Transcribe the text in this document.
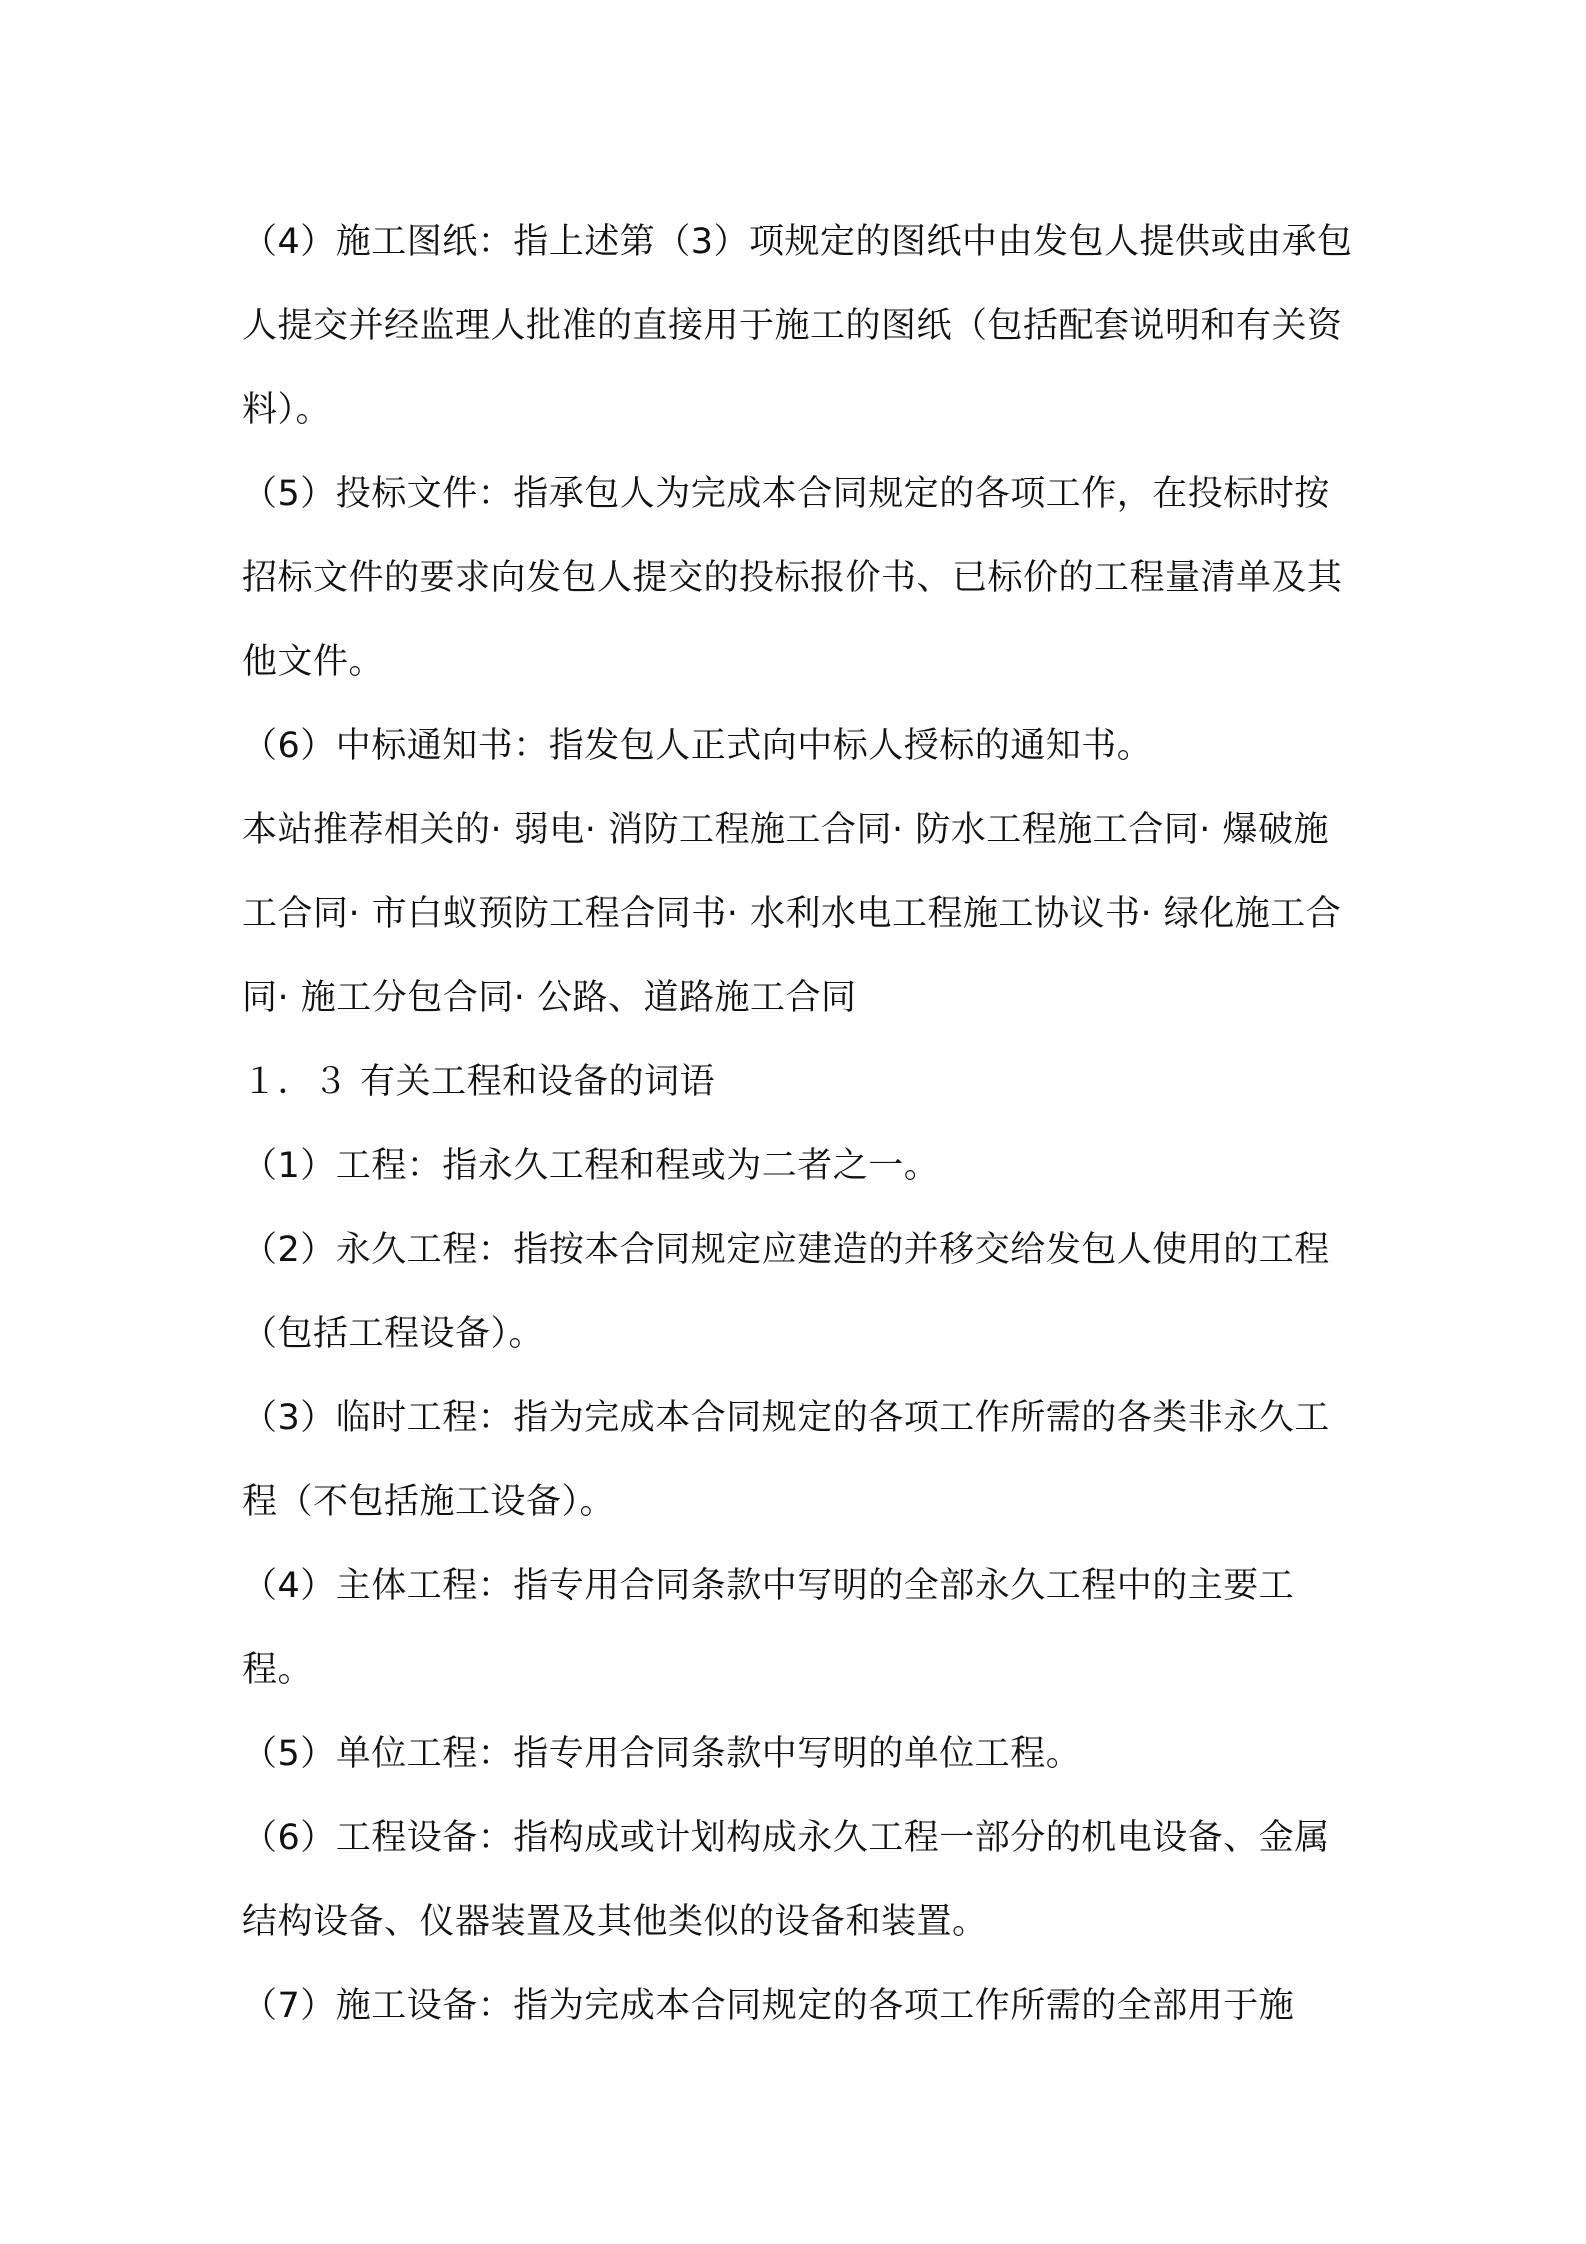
（4）施工图纸：指上述第（3）项规定的图纸中由发包人提供或由承包人提交并经监理人批准的直接用于施工的图纸（包括配套说明和有关资料）。

（5）投标文件：指承包人为完成本合同规定的各项工作，在投标时按招标文件的要求向发包人提交的投标报价书、已标价的工程量清单及其他文件。

（6）中标通知书：指发包人正式向中标人授标的通知书。

本站推荐相关的· 弱电· 消防工程施工合同· 防水工程施工合同· 爆破施工合同· 市白蚁预防工程合同书· 水利水电工程施工协议书· 绿化施工合同· 施工分包合同· 公路、道路施工合同

１．３ 有关工程和设备的词语

（1）工程：指永久工程和程或为二者之一。

（2）永久工程：指按本合同规定应建造的并移交给发包人使用的工程（包括工程设备）。

（3）临时工程：指为完成本合同规定的各项工作所需的各类非永久工程（不包括施工设备）。

（4）主体工程：指专用合同条款中写明的全部永久工程中的主要工程。

（5）单位工程：指专用合同条款中写明的单位工程。

（6）工程设备：指构成或计划构成永久工程一部分的机电设备、金属结构设备、仪器装置及其他类似的设备和装置。

（7）施工设备：指为完成本合同规定的各项工作所需的全部用于施
